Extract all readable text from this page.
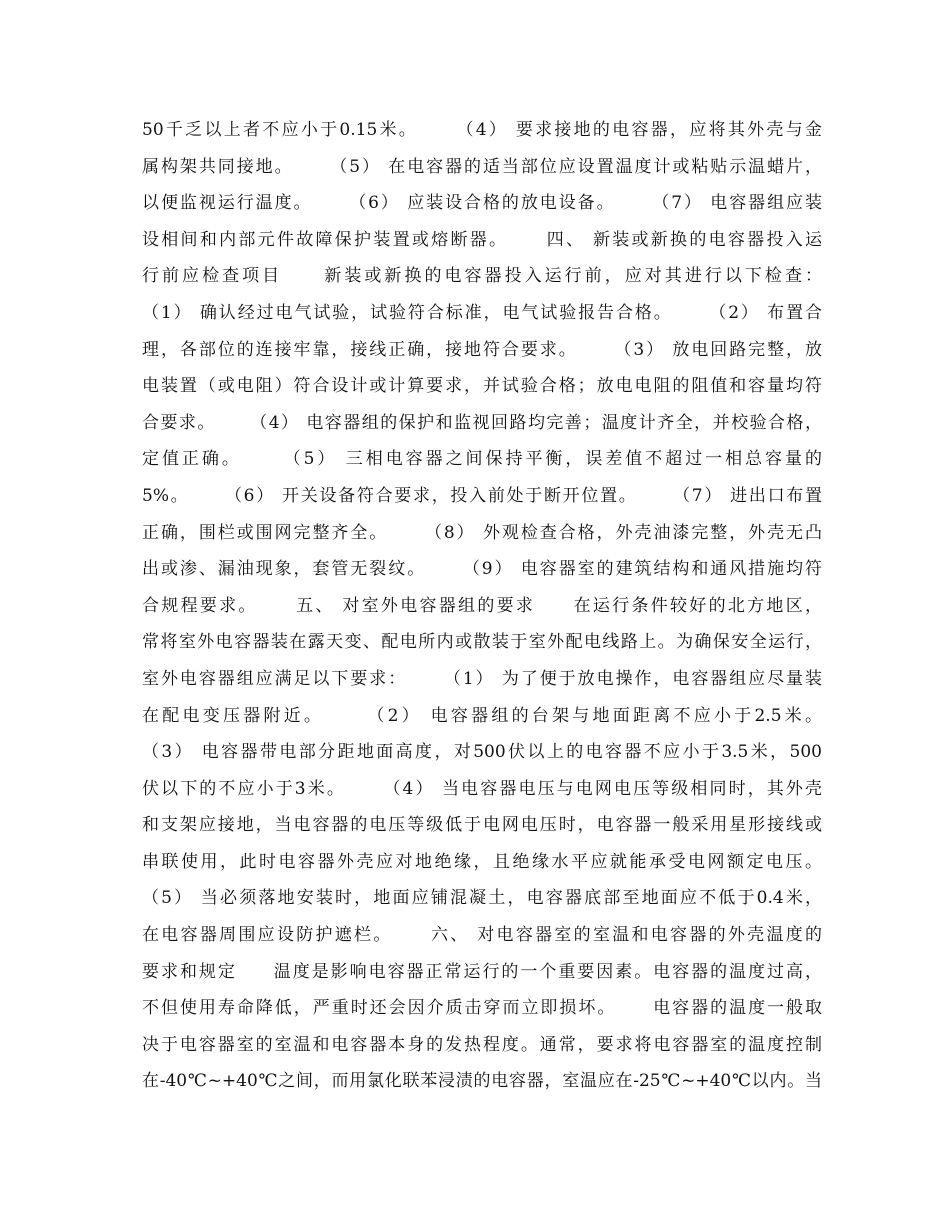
50千乏以上者不应小于0.15米。     （4） 要求接地的电容器，应将其外壳与金
属构架共同接地。     （5） 在电容器的适当部位应设置温度计或粘贴示温蜡片，
以便监视运行温度。     （6） 应装设合格的放电设备。     （7） 电容器组应装
设相间和内部元件故障保护装置或熔断器。     四、 新装或新换的电容器投入运
行前应检查项目     新装或新换的电容器投入运行前，应对其进行以下检查：
（1） 确认经过电气试验，试验符合标准，电气试验报告合格。     （2） 布置合
理，各部位的连接牢靠，接线正确，接地符合要求。     （3） 放电回路完整，放
电装置（或电阻）符合设计或计算要求，并试验合格；放电电阻的阻值和容量均符
合要求。     （4） 电容器组的保护和监视回路均完善；温度计齐全，并校验合格，
定值正确。     （5） 三相电容器之间保持平衡，误差值不超过一相总容量的
5%。     （6） 开关设备符合要求，投入前处于断开位置。     （7） 进出口布置
正确，围栏或围网完整齐全。     （8） 外观检查合格，外壳油漆完整，外壳无凸
出或渗、漏油现象，套管无裂纹。     （9） 电容器室的建筑结构和通风措施均符
合规程要求。     五、 对室外电容器组的要求     在运行条件较好的北方地区，
常将室外电容器装在露天变、配电所内或散装于室外配电线路上。为确保安全运行，
室外电容器组应满足以下要求：     （1） 为了便于放电操作，电容器组应尽量装
在配电变压器附近。     （2） 电容器组的台架与地面距离不应小于2.5米。
（3） 电容器带电部分距地面高度，对500伏以上的电容器不应小于3.5米，500
伏以下的不应小于3米。     （4） 当电容器电压与电网电压等级相同时，其外壳
和支架应接地，当电容器的电压等级低于电网电压时，电容器一般采用星形接线或
串联使用，此时电容器外壳应对地绝缘，且绝缘水平应就能承受电网额定电压。
（5） 当必须落地安装时，地面应铺混凝土，电容器底部至地面应不低于0.4米，
在电容器周围应设防护遮栏。     六、 对电容器室的室温和电容器的外壳温度的
要求和规定     温度是影响电容器正常运行的一个重要因素。电容器的温度过高，
不但使用寿命降低，严重时还会因介质击穿而立即损坏。     电容器的温度一般取
决于电容器室的室温和电容器本身的发热程度。通常，要求将电容器室的温度控制
在-40℃~+40℃之间，而用氯化联苯浸渍的电容器，室温应在-25℃~+40℃以内。当
